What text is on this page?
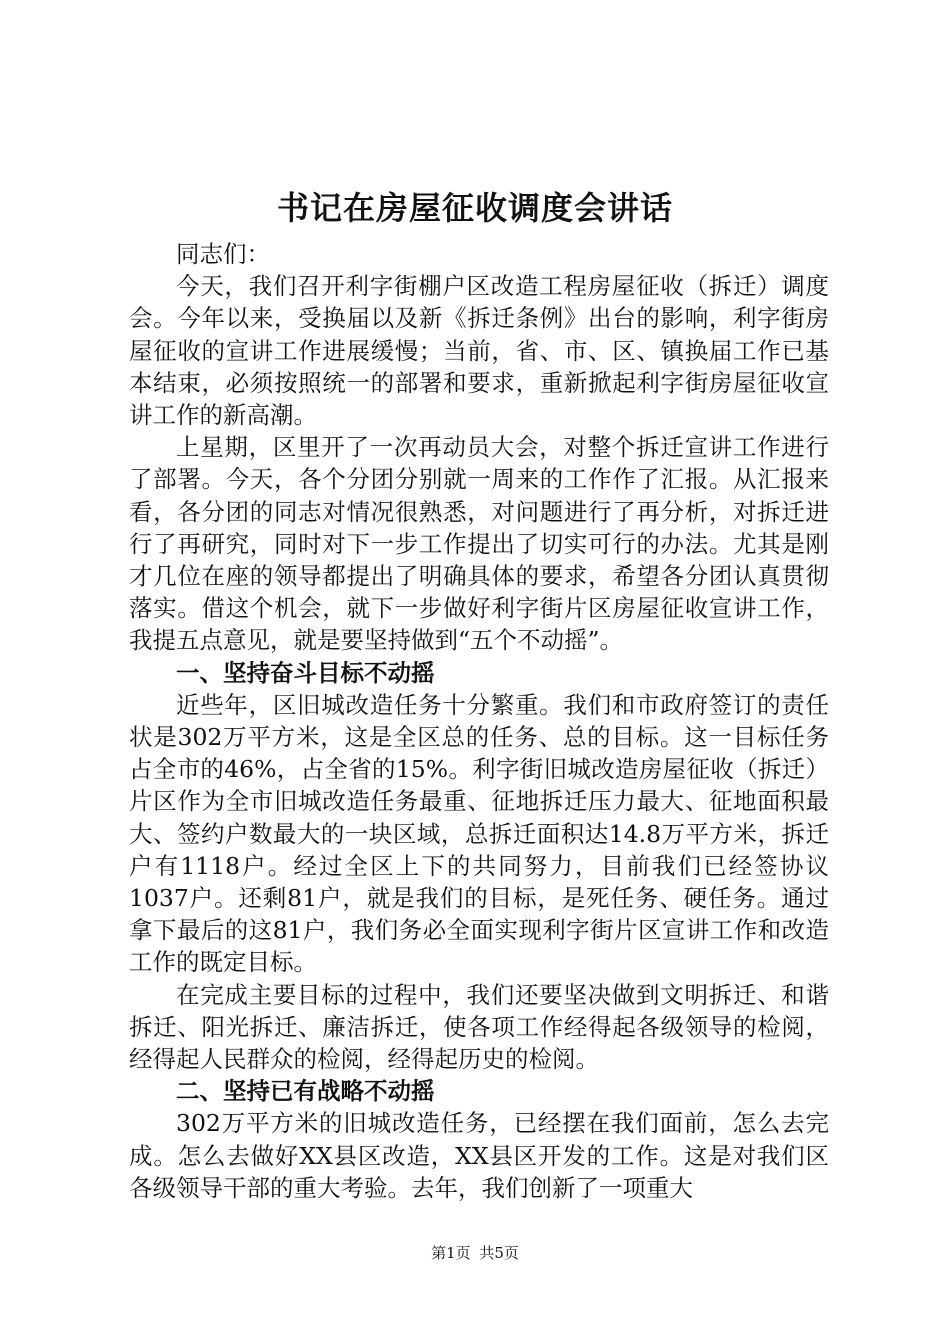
书记在房屋征收调度会讲话

同志们：

今天，我们召开利字街棚户区改造工程房屋征收（拆迁）调度会。今年以来，受换届以及新《拆迁条例》出台的影响，利字街房屋征收的宣讲工作进展缓慢；当前，省、市、区、镇换届工作已基本结束，必须按照统一的部署和要求，重新掀起利字街房屋征收宣讲工作的新高潮。

上星期，区里开了一次再动员大会，对整个拆迁宣讲工作进行了部署。今天，各个分团分别就一周来的工作作了汇报。从汇报来看，各分团的同志对情况很熟悉，对问题进行了再分析，对拆迁进行了再研究，同时对下一步工作提出了切实可行的办法。尤其是刚才几位在座的领导都提出了明确具体的要求，希望各分团认真贯彻落实。借这个机会，就下一步做好利字街片区房屋征收宣讲工作，我提五点意见，就是要坚持做到“五个不动摇”。

一、坚持奋斗目标不动摇

近些年，区旧城改造任务十分繁重。我们和市政府签订的责任状是302万平方米，这是全区总的任务、总的目标。这一目标任务占全市的46%，占全省的15%。利字街旧城改造房屋征收（拆迁）片区作为全市旧城改造任务最重、征地拆迁压力最大、征地面积最大、签约户数最大的一块区域，总拆迁面积达14.8万平方米，拆迁户有1118户。经过全区上下的共同努力，目前我们已经签协议1037户。还剩81户，就是我们的目标，是死任务、硬任务。通过拿下最后的这81户，我们务必全面实现利字街片区宣讲工作和改造工作的既定目标。

在完成主要目标的过程中，我们还要坚决做到文明拆迁、和谐拆迁、阳光拆迁、廉洁拆迁，使各项工作经得起各级领导的检阅，经得起人民群众的检阅，经得起历史的检阅。

二、坚持已有战略不动摇

302万平方米的旧城改造任务，已经摆在我们面前，怎么去完成。怎么去做好XX县区改造，XX县区开发的工作。这是对我们区各级领导干部的重大考验。去年，我们创新了一项重大

第1页 共5页
